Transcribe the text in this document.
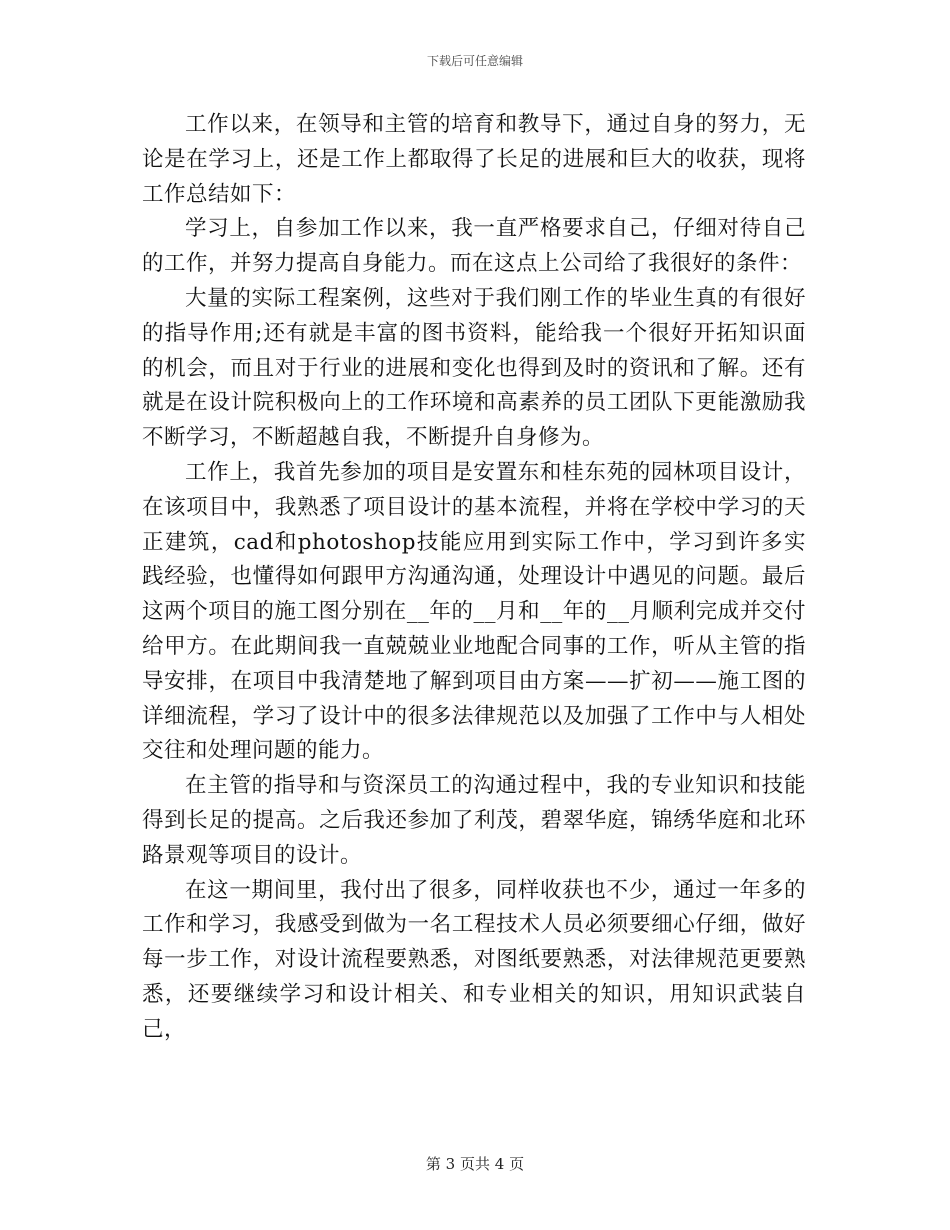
下载后可任意编辑

工作以来，在领导和主管的培育和教导下，通过自身的努力，无论是在学习上，还是工作上都取得了长足的进展和巨大的收获，现将工作总结如下：

学习上，自参加工作以来，我一直严格要求自己，仔细对待自己的工作，并努力提高自身能力。而在这点上公司给了我很好的条件：

大量的实际工程案例，这些对于我们刚工作的毕业生真的有很好的指导作用;还有就是丰富的图书资料，能给我一个很好开拓知识面的机会，而且对于行业的进展和变化也得到及时的资讯和了解。还有就是在设计院积极向上的工作环境和高素养的员工团队下更能激励我不断学习，不断超越自我，不断提升自身修为。

工作上，我首先参加的项目是安置东和桂东苑的园林项目设计，在该项目中，我熟悉了项目设计的基本流程，并将在学校中学习的天正建筑，cad和photoshop技能应用到实际工作中，学习到许多实践经验，也懂得如何跟甲方沟通沟通，处理设计中遇见的问题。最后这两个项目的施工图分别在__年的__月和__年的__月顺利完成并交付给甲方。在此期间我一直兢兢业业地配合同事的工作，听从主管的指导安排，在项目中我清楚地了解到项目由方案——扩初——施工图的详细流程，学习了设计中的很多法律规范以及加强了工作中与人相处交往和处理问题的能力。

在主管的指导和与资深员工的沟通过程中，我的专业知识和技能得到长足的提高。之后我还参加了利茂，碧翠华庭，锦绣华庭和北环路景观等项目的设计。

在这一期间里，我付出了很多，同样收获也不少，通过一年多的工作和学习，我感受到做为一名工程技术人员必须要细心仔细，做好每一步工作，对设计流程要熟悉，对图纸要熟悉，对法律规范更要熟悉，还要继续学习和设计相关、和专业相关的知识，用知识武装自己，

第 3 页共 4 页
